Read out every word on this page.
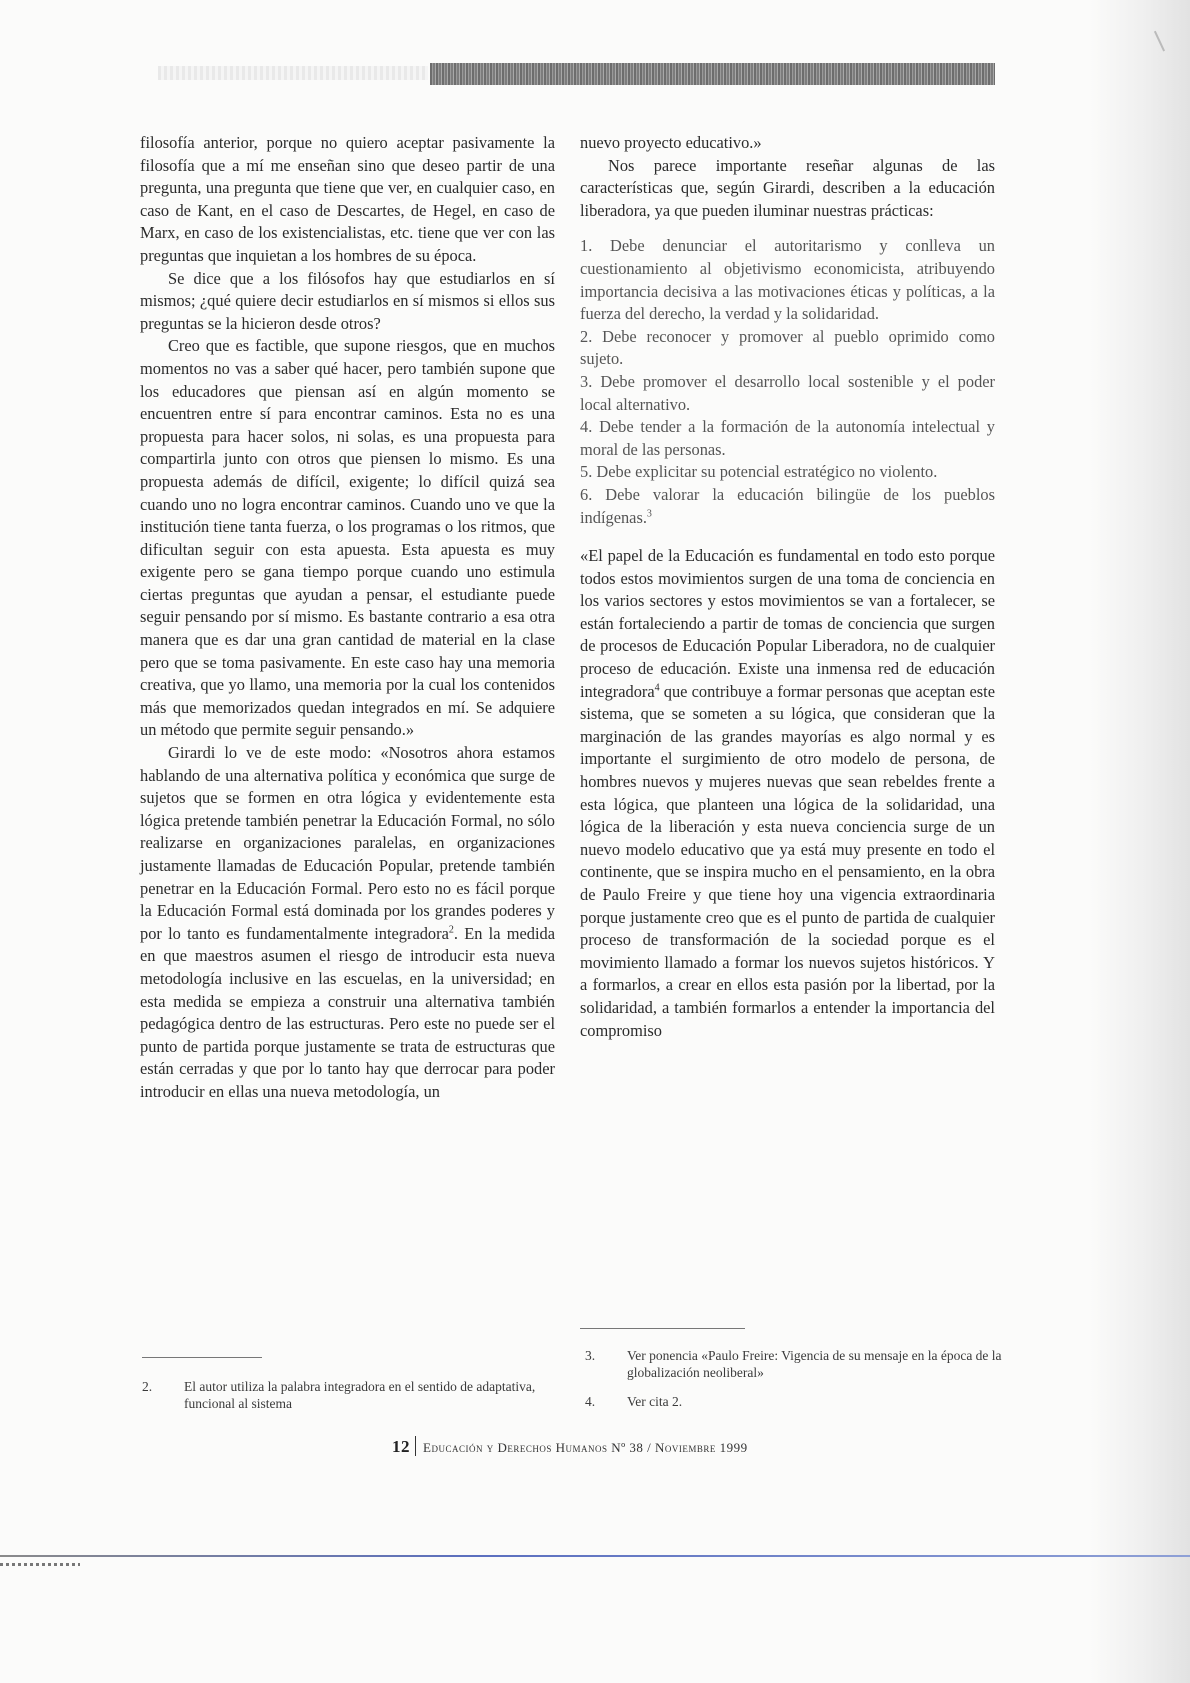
filosofía anterior, porque no quiero aceptar pasivamente la filosofía que a mí me enseñan sino que deseo partir de una pregunta, una pregunta que tiene que ver, en cualquier caso, en caso de Kant, en el caso de Descartes, de Hegel, en caso de Marx, en caso de los existencialistas, etc. tiene que ver con las preguntas que inquietan a los hombres de su época.

Se dice que a los filósofos hay que estudiarlos en sí mismos; ¿qué quiere decir estudiarlos en sí mismos si ellos sus preguntas se la hicieron desde otros?

Creo que es factible, que supone riesgos, que en muchos momentos no vas a saber qué hacer, pero también supone que los educadores que piensan así en algún momento se encuentren entre sí para encontrar caminos. Esta no es una propuesta para hacer solos, ni solas, es una propuesta para compartirla junto con otros que piensen lo mismo. Es una propuesta además de difícil, exigente; lo difícil quizá sea cuando uno no logra encontrar caminos. Cuando uno ve que la institución tiene tanta fuerza, o los programas o los ritmos, que dificultan seguir con esta apuesta. Esta apuesta es muy exigente pero se gana tiempo porque cuando uno estimula ciertas preguntas que ayudan a pensar, el estudiante puede seguir pensando por sí mismo. Es bastante contrario a esa otra manera que es dar una gran cantidad de material en la clase pero que se toma pasivamente. En este caso hay una memoria creativa, que yo llamo, una memoria por la cual los contenidos más que memorizados quedan integrados en mí. Se adquiere un método que permite seguir pensando.»

Girardi lo ve de este modo: «Nosotros ahora estamos hablando de una alternativa política y económica que surge de sujetos que se formen en otra lógica y evidentemente esta lógica pretende también penetrar la Educación Formal, no sólo realizarse en organizaciones paralelas, en organizaciones justamente llamadas de Educación Popular, pretende también penetrar en la Educación Formal. Pero esto no es fácil porque la Educación Formal está dominada por los grandes poderes y por lo tanto es fundamentalmente integradora$^2$. En la medida en que maestros asumen el riesgo de introducir esta nueva metodología inclusive en las escuelas, en la universidad; en esta medida se empieza a construir una alternativa también pedagógica dentro de las estructuras. Pero este no puede ser el punto de partida porque justamente se trata de estructuras que están cerradas y que por lo tanto hay que derrocar para poder introducir en ellas una nueva metodología, un

nuevo proyecto educativo.»

Nos parece importante reseñar algunas de las características que, según Girardi, describen a la educación liberadora, ya que pueden iluminar nuestras prácticas:

1. Debe denunciar el autoritarismo y conlleva un cuestionamiento al objetivismo economicista, atribuyendo importancia decisiva a las motivaciones éticas y políticas, a la fuerza del derecho, la verdad y la solidaridad.

2. Debe reconocer y promover al pueblo oprimido como sujeto.

3. Debe promover el desarrollo local sostenible y el poder local alternativo.

4. Debe tender a la formación de la autonomía intelectual y moral de las personas.

5. Debe explicitar su potencial estratégico no violento.

6. Debe valorar la educación bilingüe de los pueblos indígenas.$^3$

«El papel de la Educación es fundamental en todo esto porque todos estos movimientos surgen de una toma de conciencia en los varios sectores y estos movimientos se van a fortalecer, se están fortaleciendo a partir de tomas de conciencia que surgen de procesos de Educación Popular Liberadora, no de cualquier proceso de educación. Existe una inmensa red de educación integradora$^4$ que contribuye a formar personas que aceptan este sistema, que se someten a su lógica, que consideran que la marginación de las grandes mayorías es algo normal y es importante el surgimiento de otro modelo de persona, de hombres nuevos y mujeres nuevas que sean rebeldes frente a esta lógica, que planteen una lógica de la solidaridad, una lógica de la liberación y esta nueva conciencia surge de un nuevo modelo educativo que ya está muy presente en todo el continente, que se inspira mucho en el pensamiento, en la obra de Paulo Freire y que tiene hoy una vigencia extraordinaria porque justamente creo que es el punto de partida de cualquier proceso de transformación de la sociedad porque es el movimiento llamado a formar los nuevos sujetos históricos. Y a formarlos, a crear en ellos esta pasión por la libertad, por la solidaridad, a también formarlos a entender la importancia del compromiso

2. El autor utiliza la palabra integradora en el sentido de adaptativa, funcional al sistema
3. Ver ponencia «Paulo Freire: Vigencia de su mensaje en la época de la globalización neoliberal»
4. Ver cita 2.
12 Educación y Derechos Humanos Nº 38 / Noviembre 1999
